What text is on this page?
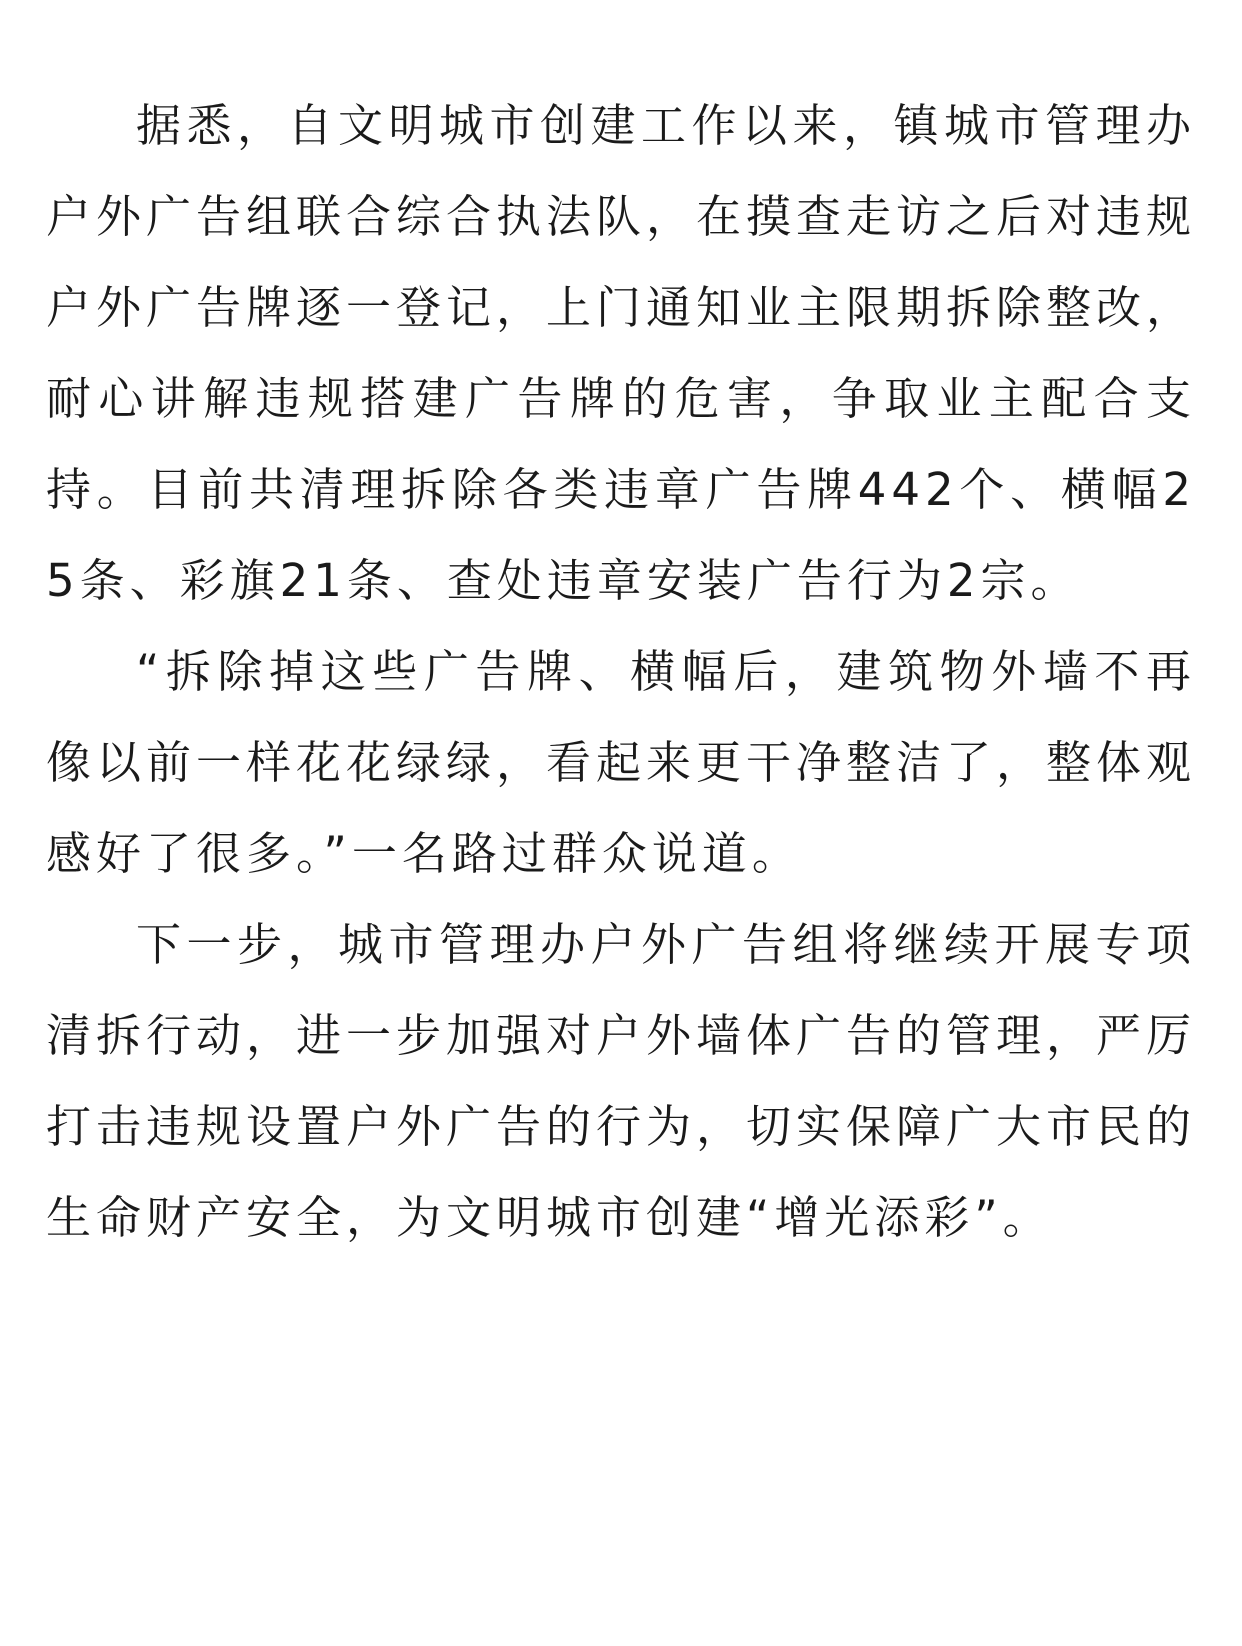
据悉，自文明城市创建工作以来，镇城市管理办户外广告组联合综合执法队，在摸查走访之后对违规户外广告牌逐一登记，上门通知业主限期拆除整改，耐心讲解违规搭建广告牌的危害，争取业主配合支持。目前共清理拆除各类违章广告牌442个、横幅25条、彩旗21条、查处违章安装广告行为2宗。

“拆除掉这些广告牌、横幅后，建筑物外墙不再像以前一样花花绿绿，看起来更干净整洁了，整体观感好了很多。”一名路过群众说道。

下一步，城市管理办户外广告组将继续开展专项清拆行动，进一步加强对户外墙体广告的管理，严厉打击违规设置户外广告的行为，切实保障广大市民的生命财产安全，为文明城市创建“增光添彩”。
